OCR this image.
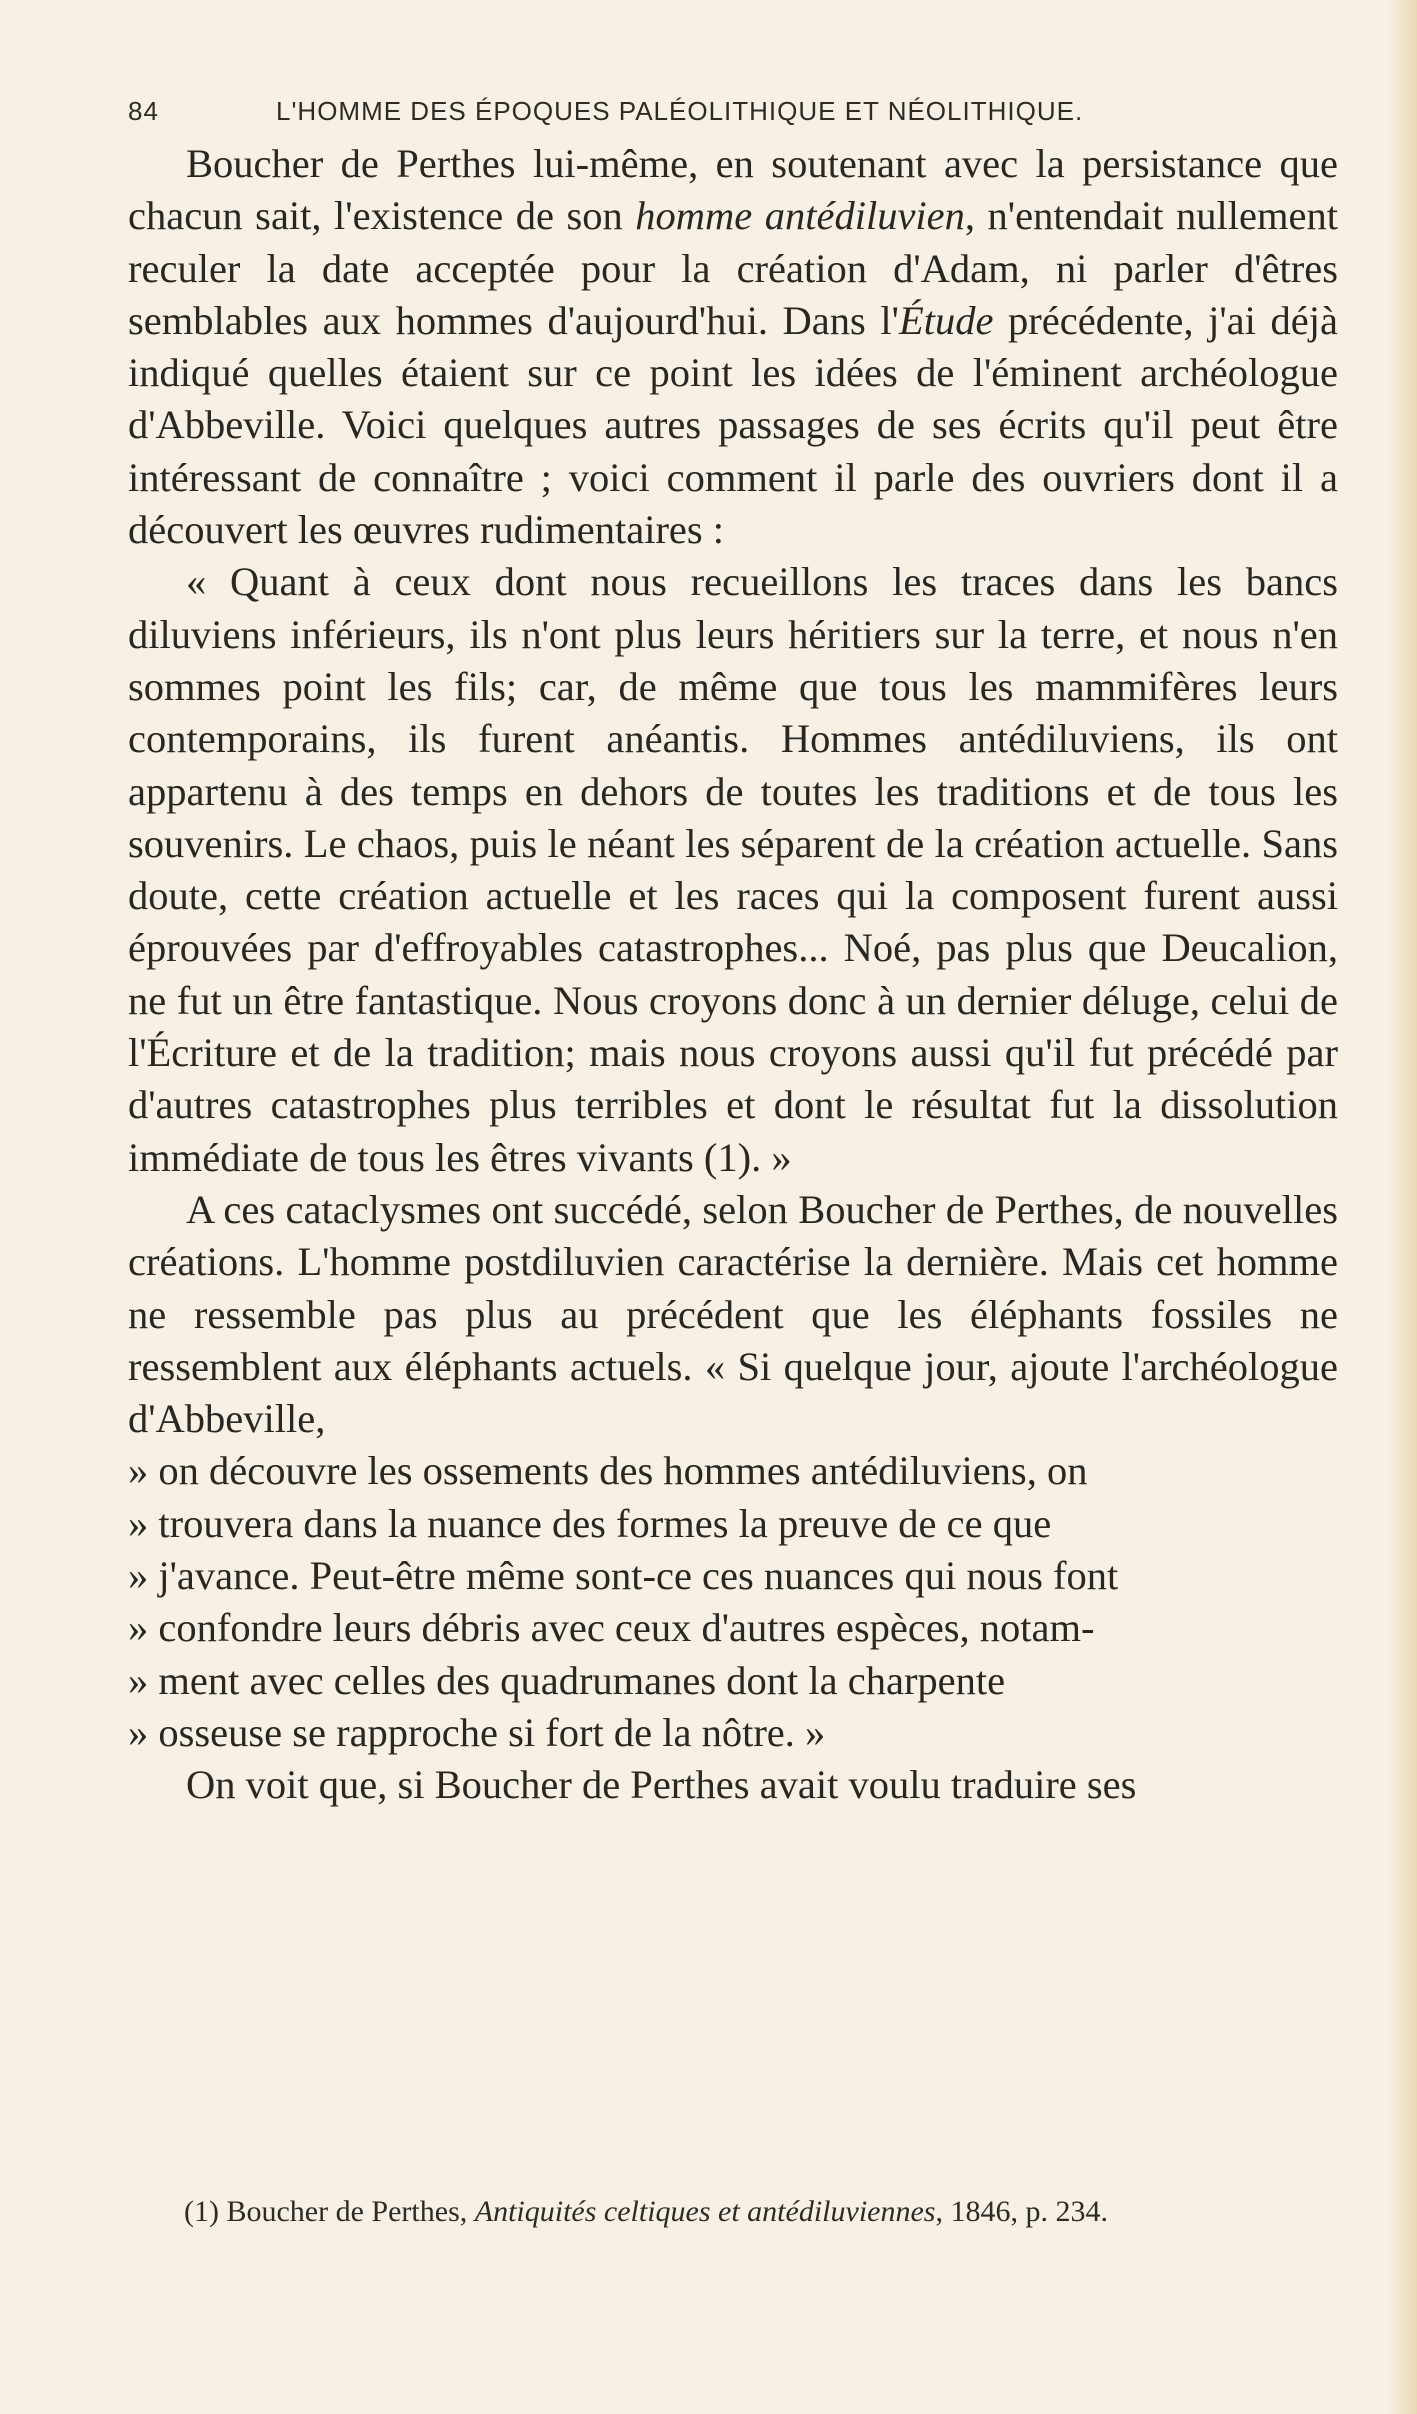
84	L'HOMME DES ÉPOQUES PALÉOLITHIQUE ET NÉOLITHIQUE.

Boucher de Perthes lui-même, en soutenant avec la persistance que chacun sait, l'existence de son homme antédiluvien, n'entendait nullement reculer la date acceptée pour la création d'Adam, ni parler d'êtres semblables aux hommes d'aujourd'hui. Dans l'Étude précédente, j'ai déjà indiqué quelles étaient sur ce point les idées de l'éminent archéologue d'Abbeville. Voici quelques autres passages de ses écrits qu'il peut être intéressant de connaître ; voici comment il parle des ouvriers dont il a découvert les œuvres rudimentaires :

« Quant à ceux dont nous recueillons les traces dans les bancs diluviens inférieurs, ils n'ont plus leurs héritiers sur la terre, et nous n'en sommes point les fils; car, de même que tous les mammifères leurs contemporains, ils furent anéantis. Hommes antédiluviens, ils ont appartenu à des temps en dehors de toutes les traditions et de tous les souvenirs. Le chaos, puis le néant les séparent de la création actuelle. Sans doute, cette création actuelle et les races qui la composent furent aussi éprouvées par d'effroyables catastrophes... Noé, pas plus que Deucalion, ne fut un être fantastique. Nous croyons donc à un dernier déluge, celui de l'Écriture et de la tradition; mais nous croyons aussi qu'il fut précédé par d'autres catastrophes plus terribles et dont le résultat fut la dissolution immédiate de tous les êtres vivants (1). »

A ces cataclysmes ont succédé, selon Boucher de Perthes, de nouvelles créations. L'homme postdiluvien caractérise la dernière. Mais cet homme ne ressemble pas plus au précédent que les éléphants fossiles ne ressemblent aux éléphants actuels. « Si quelque jour, ajoute l'archéologue d'Abbeville,

» on découvre les ossements des hommes antédiluviens, on
» trouvera dans la nuance des formes la preuve de ce que
» j'avance. Peut-être même sont-ce ces nuances qui nous font
» confondre leurs débris avec ceux d'autres espèces, notam-
» ment avec celles des quadrumanes dont la charpente
» osseuse se rapproche si fort de la nôtre. »

On voit que, si Boucher de Perthes avait voulu traduire ses

(1) Boucher de Perthes, Antiquités celtiques et antédiluviennes, 1846, p. 234.
